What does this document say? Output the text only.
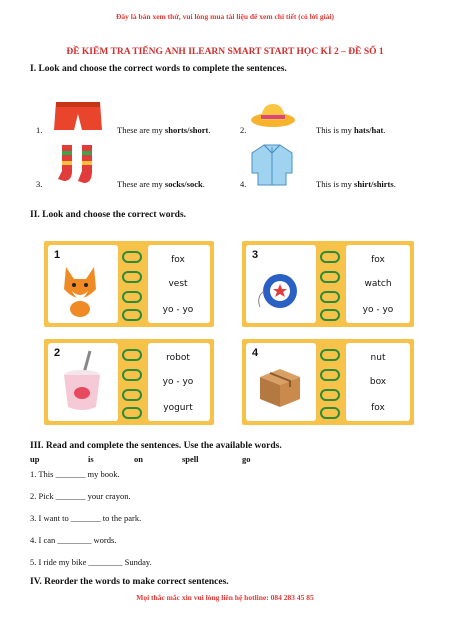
Đây là bản xem thử, vui lòng mua tài liệu để xem chi tiết (có lời giải)
ĐỀ KIỂM TRA TIẾNG ANH ILEARN SMART START HỌC KÌ 2 – ĐỀ SỐ 1
I. Look and choose the correct words to complete the sentences.
1.	These are my shorts/short.	2.	This is my hats/hat.
3.	These are my socks/sock.	4.	This is my shirt/shirts.
II. Look and choose the correct words.
1	fox
vest
yo - yo
3	fox
watch
yo - yo
2	robot
yo - yo
yogurt
4	nut
box
fox
III. Read and complete the sentences. Use the available words.
up	is	on	spell	go
1. This _______ my book.
2. Pick _______ your crayon.
3. I want to _______ to the park.
4. I can ________ words.
5. I ride my bike ________ Sunday.
IV. Reorder the words to make correct sentences.
Mọi thắc mắc xin vui lòng liên hệ hotline: 084 283 45 85
